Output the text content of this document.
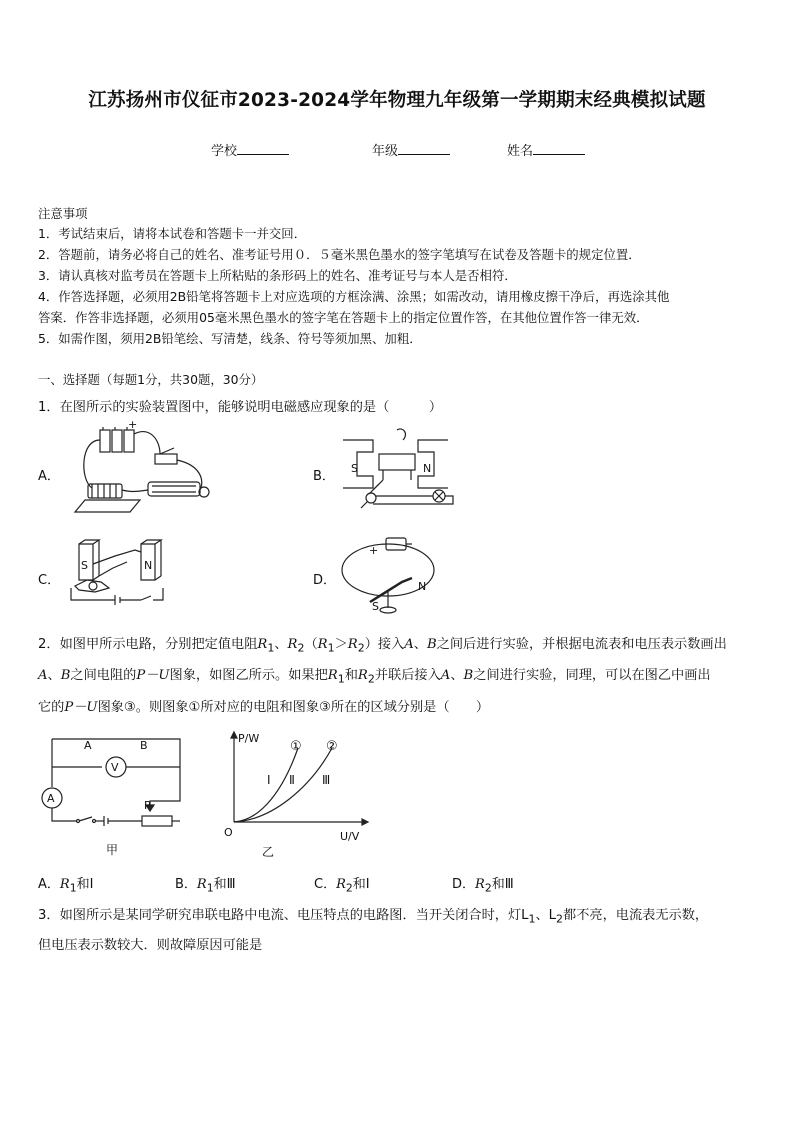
江苏扬州市仪征市2023-2024学年物理九年级第一学期期末经典模拟试题
学校	年级	姓名
注意事项
1．考试结束后，请将本试卷和答题卡一并交回．
2．答题前，请务必将自己的姓名、准考证号用０．５毫米黑色墨水的签字笔填写在试卷及答题卡的规定位置．
3．请认真核对监考员在答题卡上所粘贴的条形码上的姓名、准考证号与本人是否相符．
4．作答选择题，必须用2B铅笔将答题卡上对应选项的方框涂满、涂黑；如需改动，请用橡皮擦干净后，再选涂其他
答案．作答非选择题，必须用05毫米黑色墨水的签字笔在答题卡上的指定位置作答，在其他位置作答一律无效．
5．如需作图，须用2B铅笔绘、写清楚，线条、符号等须加黑、加粗．
一、选择题（每题1分，共30题，30分）
1．在图所示的实验装置图中，能够说明电磁感应现象的是（　　　）
A．	B．
C．	D．
+
S	N
S	N
+
N
S
2．如图甲所示电路，分别把定值电阻$R_1$、$R_2(R_1>R_2)$接入A、B之间后进行实验，并根据电流表和电压表示数画出
A、B之间电阻的P－U图象，如图乙所示。如果把$R_1$和$R_2$并联后接入A、B之间进行实验，同理，可以在图乙中画出
它的P－U图象③。则图象①所对应的电阻和图象③所在的区域分别是（　　）
A	B
V
A
P
甲
P/W
U/V
O
① ②
Ⅰ Ⅱ Ⅲ
乙
A．$R_1$和Ⅰ	B．$R_1$和Ⅲ	C．$R_2$和Ⅰ	D．$R_2$和Ⅲ
3．如图所示是某同学研究串联电路中电流、电压特点的电路图．当开关闭合时，灯$L_1$、$L_2$都不亮，电流表无示数，
但电压表示数较大．则故障原因可能是
